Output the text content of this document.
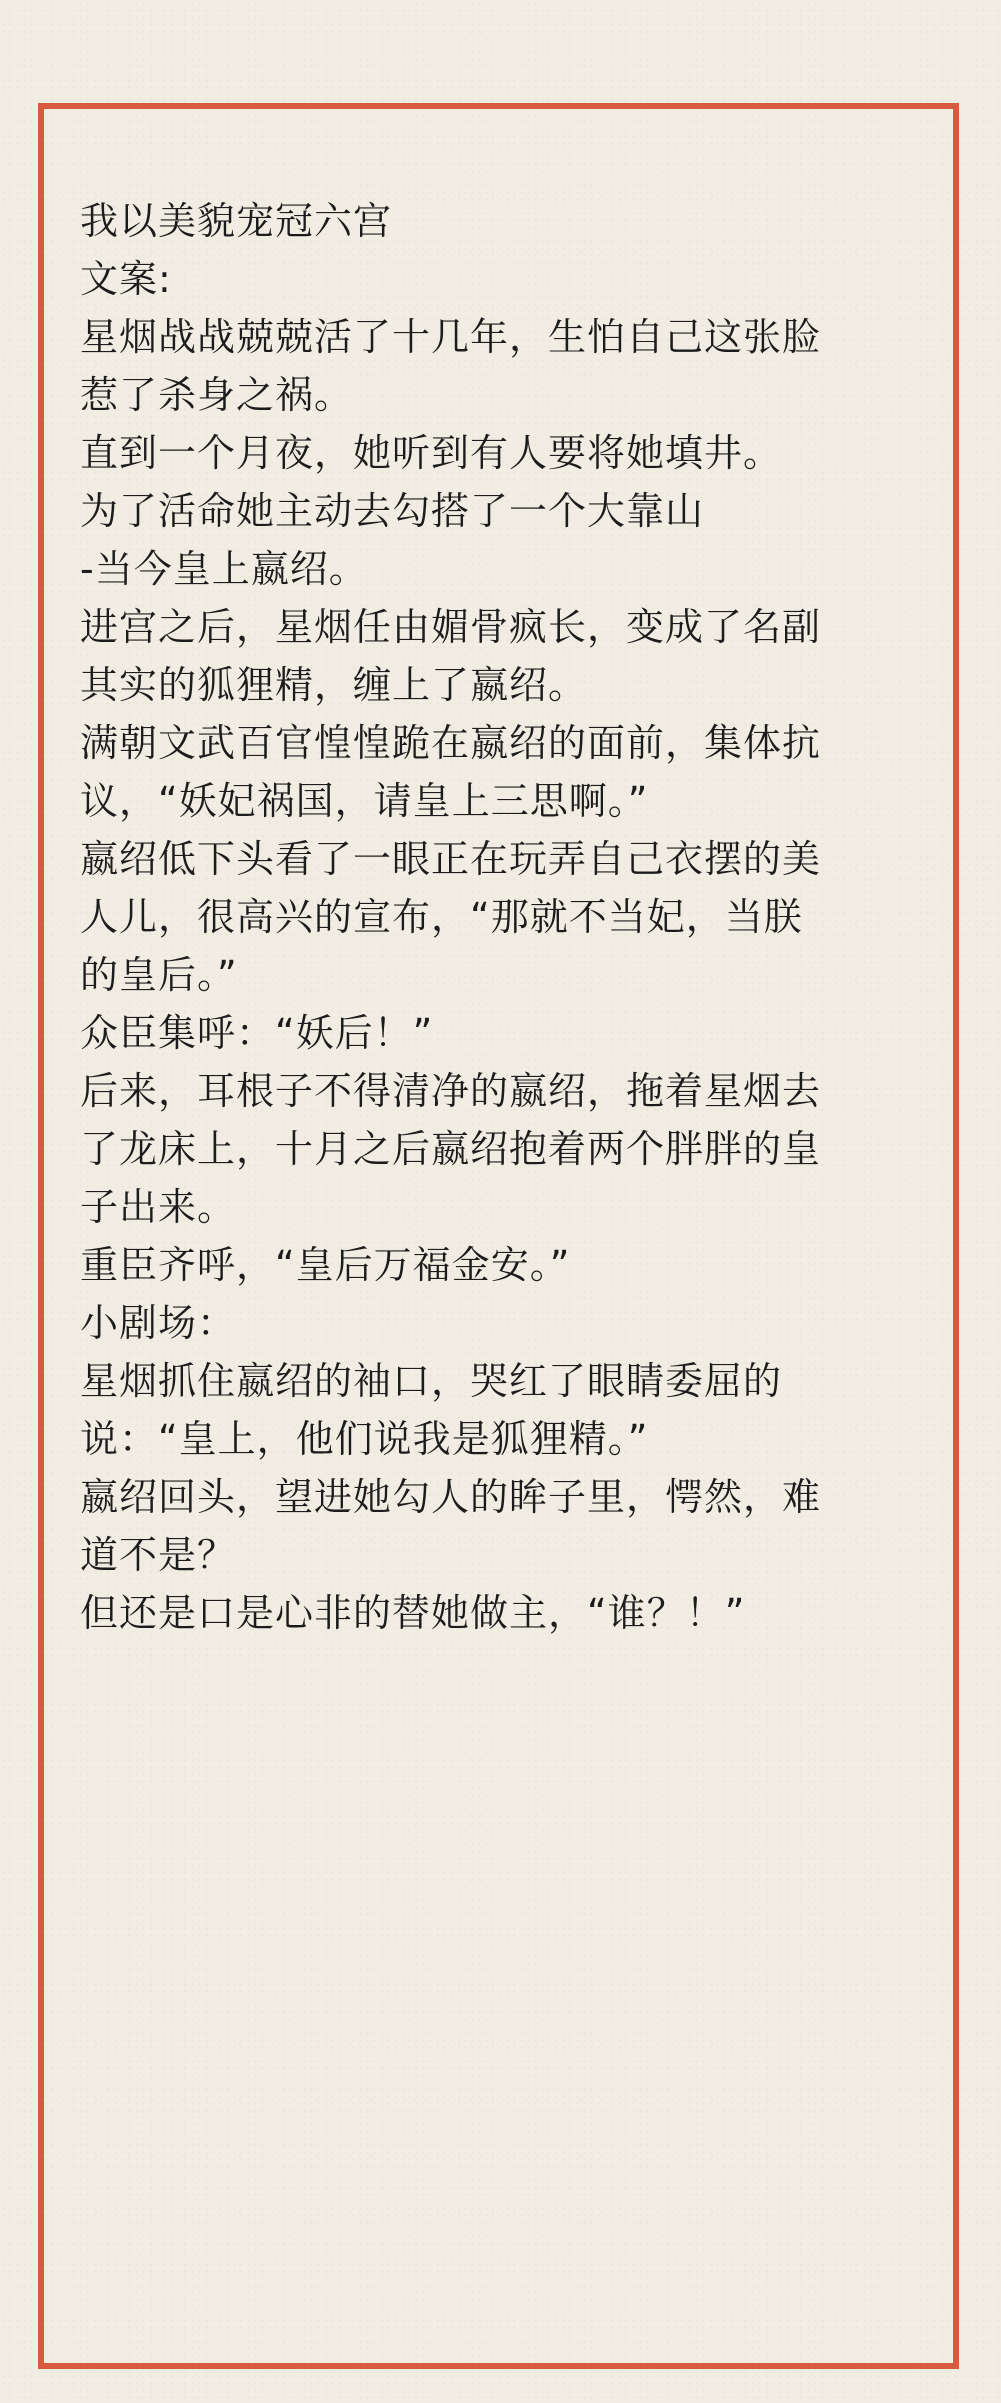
我以美貌宠冠六宫
文案:
星烟战战兢兢活了十几年，生怕自己这张脸
惹了杀身之祸。
直到一个月夜，她听到有人要将她填井。
为了活命她主动去勾搭了一个大靠山
-当今皇上嬴绍。
进宫之后，星烟任由媚骨疯长，变成了名副
其实的狐狸精，缠上了嬴绍。
满朝文武百官惶惶跪在嬴绍的面前，集体抗
议，“妖妃祸国，请皇上三思啊。”
嬴绍低下头看了一眼正在玩弄自己衣摆的美
人儿，很高兴的宣布，“那就不当妃，当朕
的皇后。”
众臣集呼：“妖后！”
后来，耳根子不得清净的嬴绍，拖着星烟去
了龙床上，十月之后嬴绍抱着两个胖胖的皇
子出来。
重臣齐呼，“皇后万福金安。”
小剧场：
星烟抓住嬴绍的袖口，哭红了眼睛委屈的
说：“皇上，他们说我是狐狸精。”
嬴绍回头，望进她勾人的眸子里，愕然，难
道不是？
但还是口是心非的替她做主，“谁？！”
